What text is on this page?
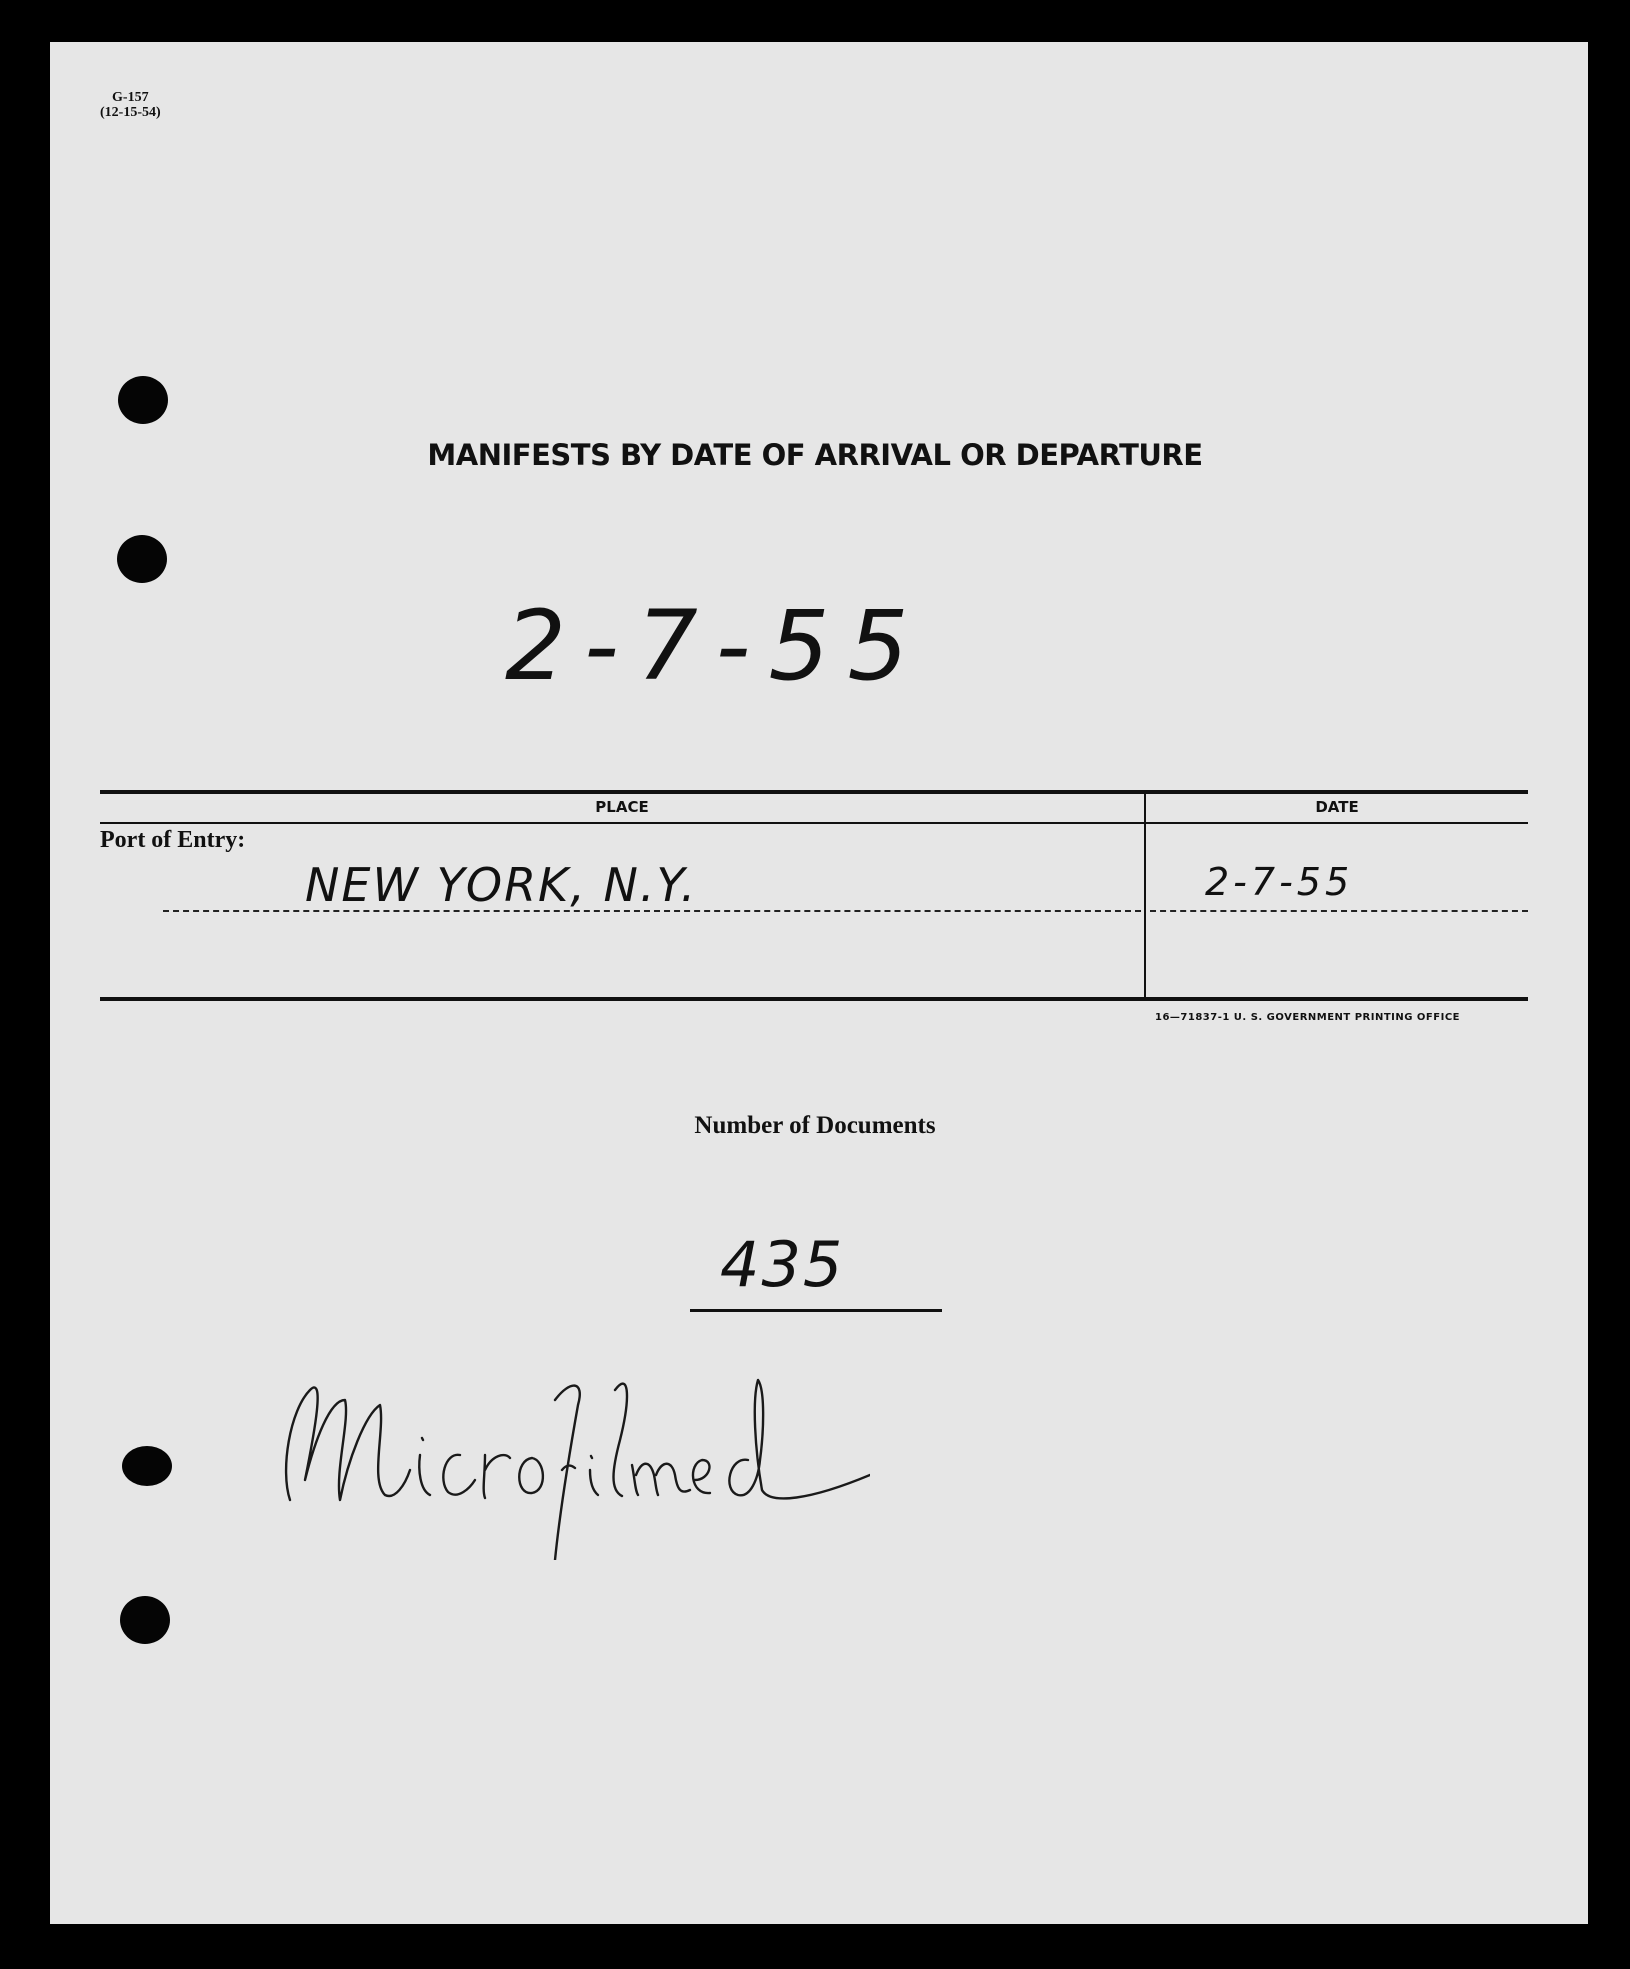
G-157
(12-15-54)
MANIFESTS BY DATE OF ARRIVAL OR DEPARTURE
2-7-55
PLACE	DATE
Port of Entry:
NEW YORK, N.Y.	2-7-55
16—71837-1 U. S. GOVERNMENT PRINTING OFFICE
Number of Documents
435
